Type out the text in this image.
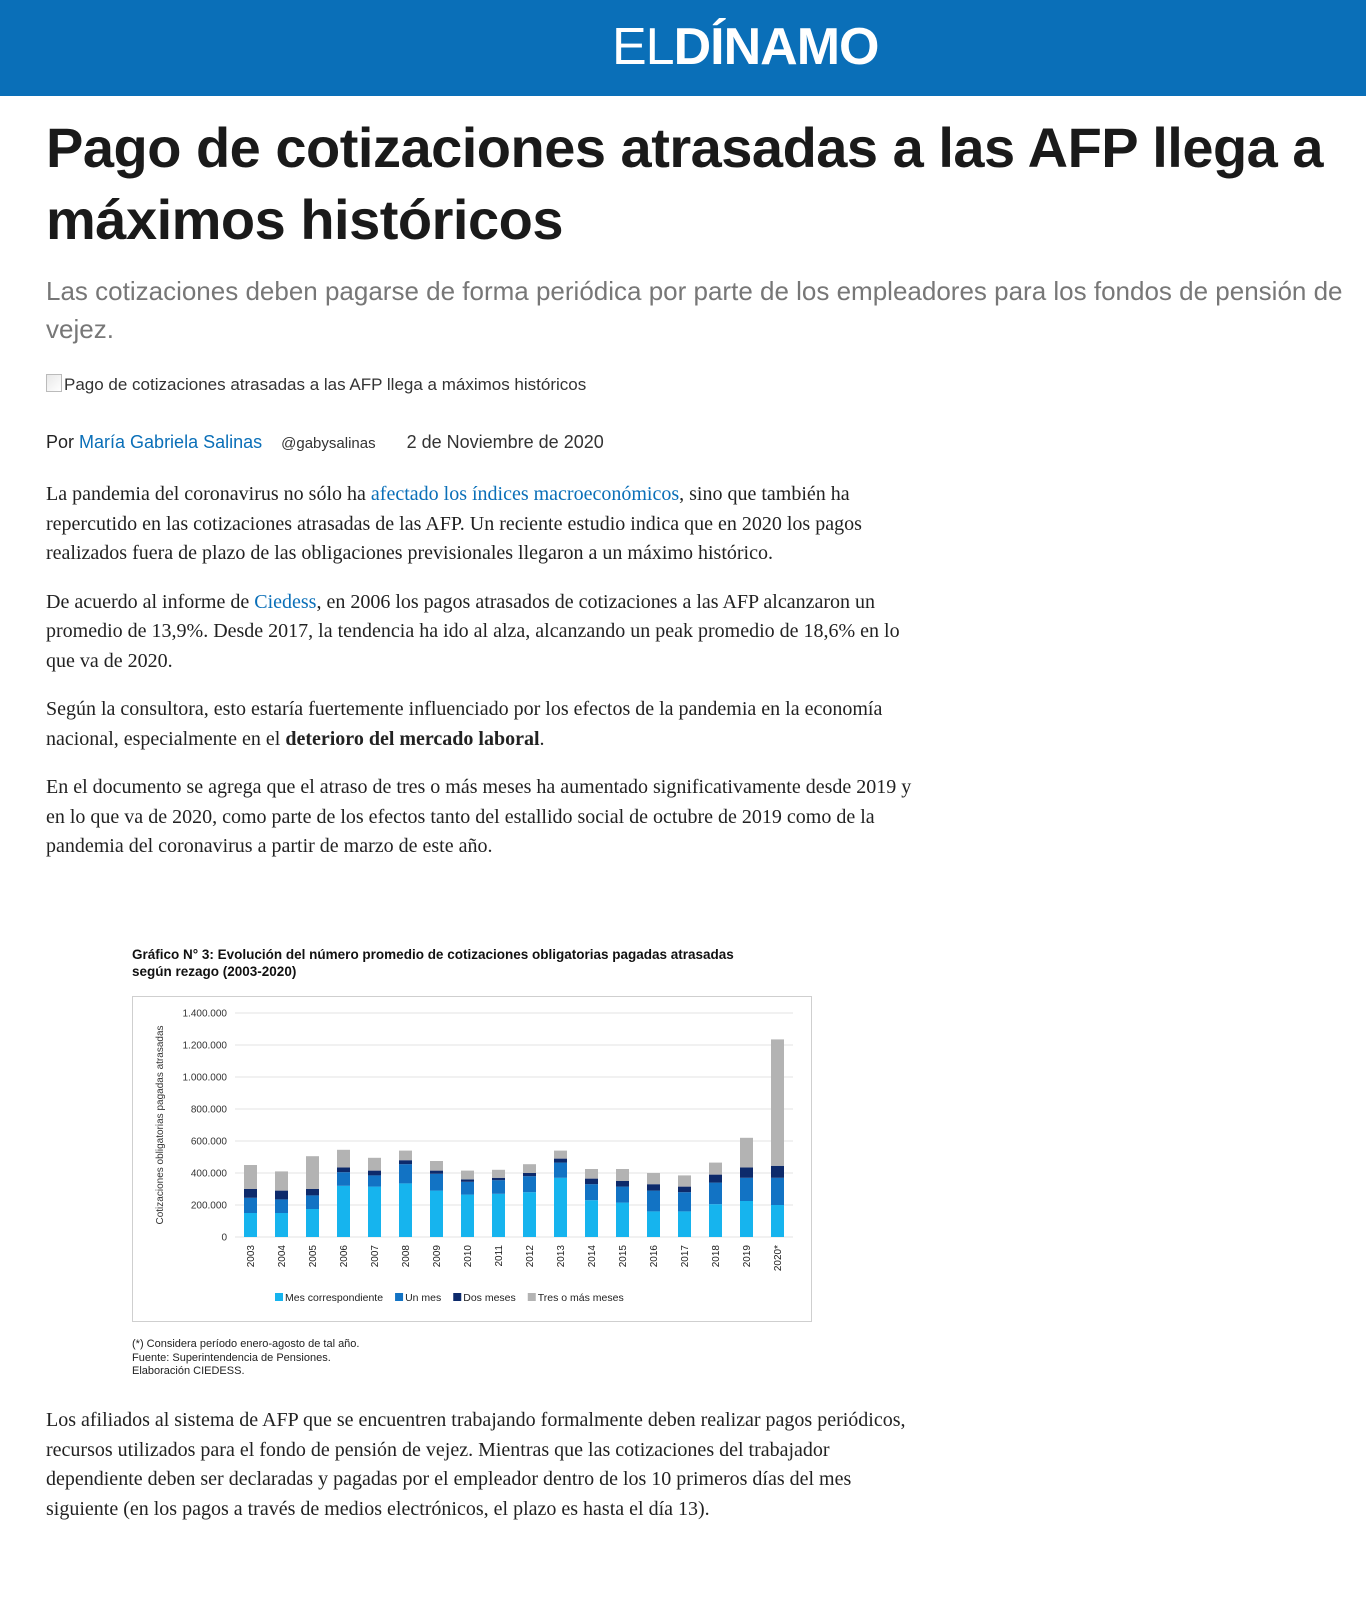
ELDÍNAMO
Pago de cotizaciones atrasadas a las AFP llega a máximos históricos

Las cotizaciones deben pagarse de forma periódica por parte de los empleadores para los fondos de pensión de vejez.

Pago de cotizaciones atrasadas a las AFP llega a máximos históricos
Por María Gabriela Salinas @gabysalinas 2 de Noviembre de 2020

La pandemia del coronavirus no sólo ha afectado los índices macroeconómicos, sino que también ha repercutido en las cotizaciones atrasadas de las AFP. Un reciente estudio indica que en 2020 los pagos realizados fuera de plazo de las obligaciones previsionales llegaron a un máximo histórico.

De acuerdo al informe de Ciedess, en 2006 los pagos atrasados de cotizaciones a las AFP alcanzaron un promedio de 13,9%. Desde 2017, la tendencia ha ido al alza, alcanzando un peak promedio de 18,6% en lo que va de 2020.

Según la consultora, esto estaría fuertemente influenciado por los efectos de la pandemia en la economía nacional, especialmente en el deterioro del mercado laboral.

En el documento se agrega que el atraso de tres o más meses ha aumentado significativamente desde 2019 y en lo que va de 2020, como parte de los efectos tanto del estallido social de octubre de 2019 como de la pandemia del coronavirus a partir de marzo de este año.

Gráfico N° 3: Evolución del número promedio de cotizaciones obligatorias pagadas atrasadas
según rezago (2003-2020)
Cotizaciones obligatorias pagadas atrasadas
0
200.000
400.000
600.000
800.000
1.000.000
1.200.000
1.400.000
2003 2004 2005 2006 2007 2008 2009 2010 2011 2012 2013 2014 2015 2016 2017 2018 2019 2020*
Mes correspondiente Un mes Dos meses Tres o más meses
(*) Considera período enero-agosto de tal año.
Fuente: Superintendencia de Pensiones.
Elaboración CIEDESS.

Los afiliados al sistema de AFP que se encuentren trabajando formalmente deben realizar pagos periódicos, recursos utilizados para el fondo de pensión de vejez. Mientras que las cotizaciones del trabajador dependiente deben ser declaradas y pagadas por el empleador dentro de los 10 primeros días del mes siguiente (en los pagos a través de medios electrónicos, el plazo es hasta el día 13).
